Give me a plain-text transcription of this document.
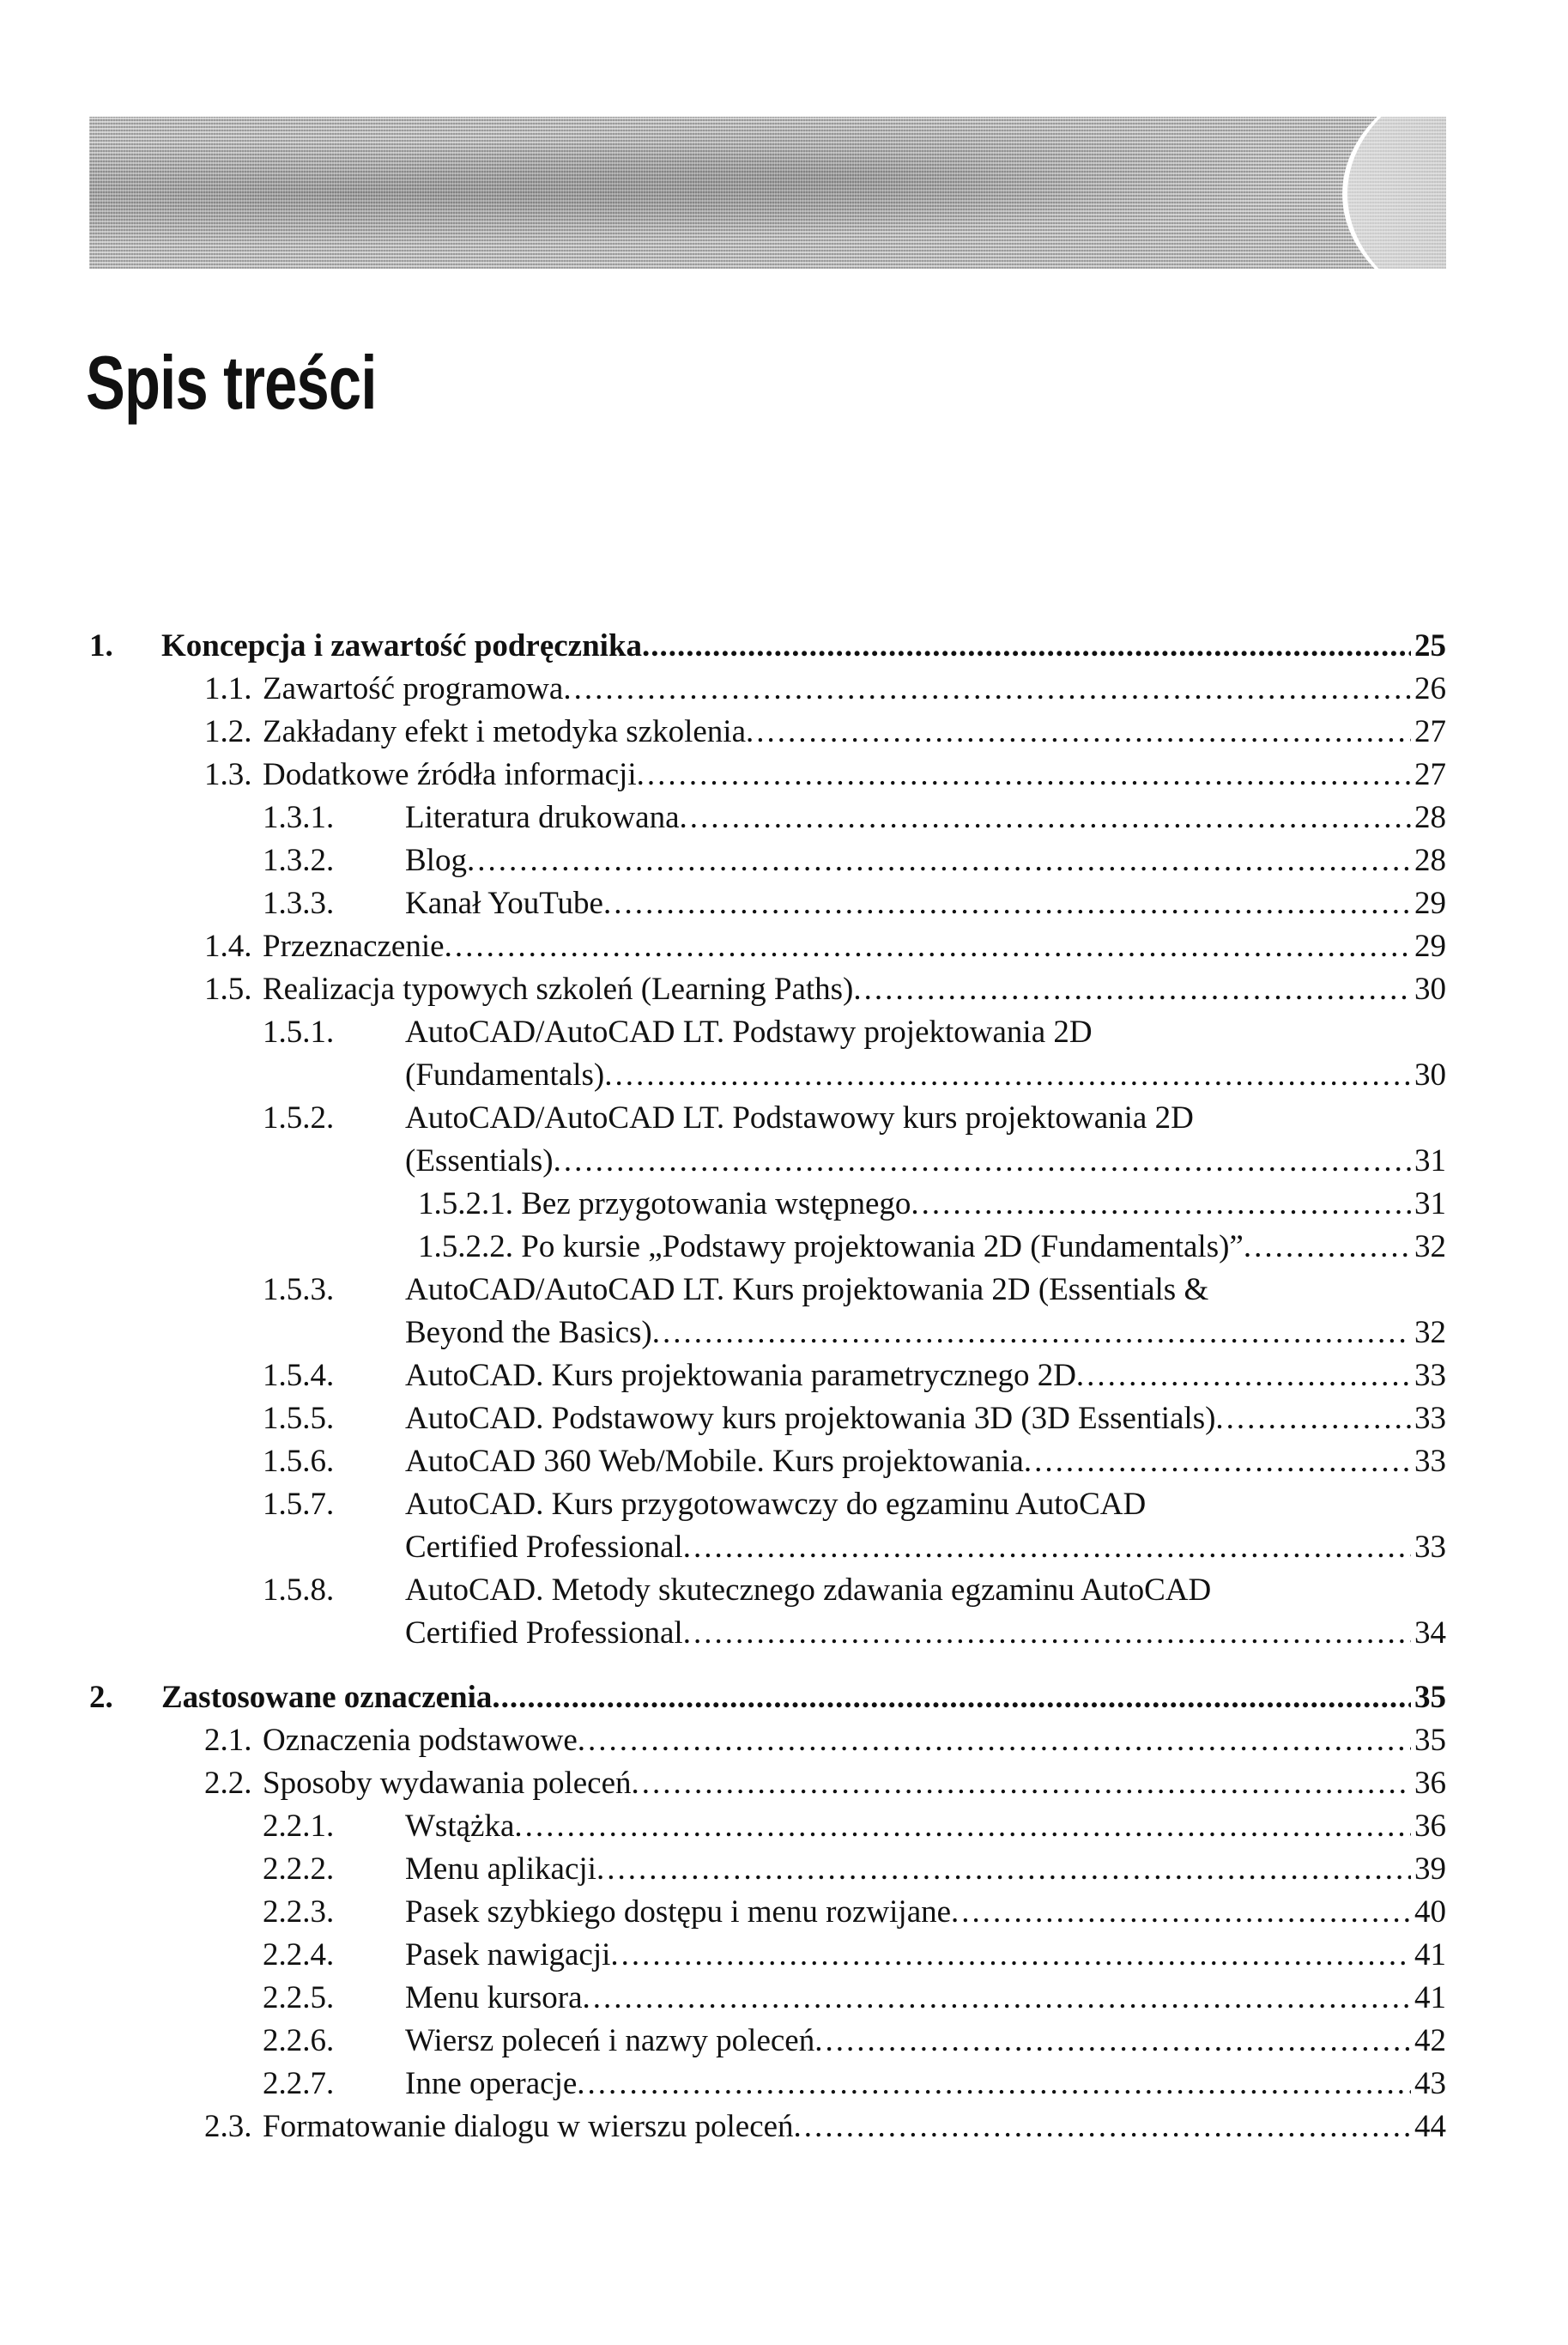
Spis treści
1. Koncepcja i zawartość podręcznika .....	25
1.1. Zawartość programowa .....	26
1.2. Zakładany efekt i metodyka szkolenia .....	27
1.3. Dodatkowe źródła informacji .....	27
1.3.1. Literatura drukowana .....	28
1.3.2. Blog .....	28
1.3.3. Kanał YouTube .....	29
1.4. Przeznaczenie .....	29
1.5. Realizacja typowych szkoleń (Learning Paths) .....	30
1.5.1. AutoCAD/AutoCAD LT. Podstawy projektowania 2D
(Fundamentals) .....	30
1.5.2. AutoCAD/AutoCAD LT. Podstawowy kurs projektowania 2D
(Essentials) .....	31
1.5.2.1. Bez przygotowania wstępnego .....	31
1.5.2.2. Po kursie „Podstawy projektowania 2D (Fundamentals)” .....	32
1.5.3. AutoCAD/AutoCAD LT. Kurs projektowania 2D (Essentials &
Beyond the Basics) .....	32
1.5.4. AutoCAD. Kurs projektowania parametrycznego 2D .....	33
1.5.5. AutoCAD. Podstawowy kurs projektowania 3D (3D Essentials) .....	33
1.5.6. AutoCAD 360 Web/Mobile. Kurs projektowania .....	33
1.5.7. AutoCAD. Kurs przygotowawczy do egzaminu AutoCAD
Certified Professional .....	33
1.5.8. AutoCAD. Metody skutecznego zdawania egzaminu AutoCAD
Certified Professional .....	34
2. Zastosowane oznaczenia .....	35
2.1. Oznaczenia podstawowe .....	35
2.2. Sposoby wydawania poleceń .....	36
2.2.1. Wstążka .....	36
2.2.2. Menu aplikacji .....	39
2.2.3. Pasek szybkiego dostępu i menu rozwijane .....	40
2.2.4. Pasek nawigacji .....	41
2.2.5. Menu kursora .....	41
2.2.6. Wiersz poleceń i nazwy poleceń .....	42
2.2.7. Inne operacje .....	43
2.3. Formatowanie dialogu w wierszu poleceń .....	44
